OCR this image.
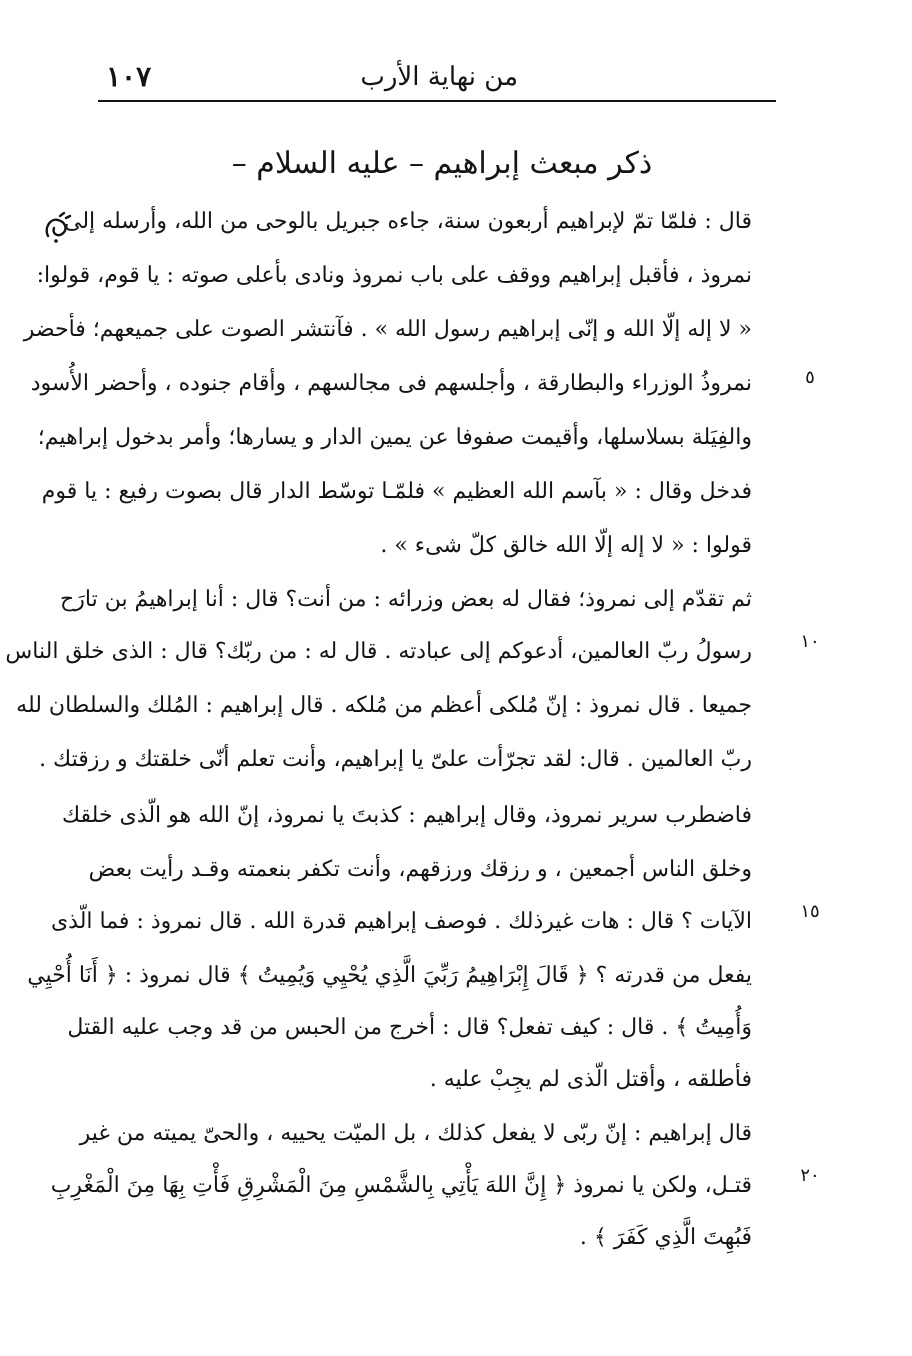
من نهاية الأرب
١٠٧
ذكر مبعث إبراهيم – عليه السلام –
قال : فلمّا تمّ لإبراهيم أربعون سنة، جاءه جبريل بالوحى من الله، وأرسله إلى
نمروذ ، فأقبل إبراهيم ووقف على باب نمروذ ونادى بأعلى صوته : يا قوم، قولوا:
« لا إله إلّا الله و إنّى إبراهيم رسول الله » . فآنتشر الصوت على جميعهم؛ فأحضر
نمروذُ الوزراء والبطارقة ، وأجلسهم فى مجالسهم ، وأقام جنوده ، وأحضر الأُسود
والفِيَلة بسلاسلها، وأقيمت صفوفا عن يمين الدار و يسارها؛ وأمر بدخول إبراهيم؛
فدخل وقال : « بآسم الله العظيم » فلمّـا توسّط الدار قال بصوت رفيع : يا قوم
قولوا : « لا إله إلّا الله خالق كلّ شىء » .
ثم تقدّم إلى نمروذ؛ فقال له بعض وزرائه : من أنت؟ قال : أنا إبراهيمُ بن تارَح
رسولُ ربّ العالمين، أدعوكم إلى عبادته . قال له : من ربّك؟ قال : الذى خلق الناس
جميعا . قال نمروذ : إنّ مُلكى أعظم من مُلكه . قال إبراهيم : المُلك والسلطان لله
ربّ العالمين . قال: لقد تجرّأت علىّ يا إبراهيم، وأنت تعلم أنّى خلقتك و رزقتك .
فاضطرب سرير نمروذ، وقال إبراهيم : كذبتَ يا نمروذ، إنّ الله هو الّذى خلقك
وخلق الناس أجمعين ، و رزقك ورزقهم، وأنت تكفر بنعمته وقـد رأيت بعض
الآيات ؟ قال : هات غيرذلك . فوصف إبراهيم قدرة الله . قال نمروذ : فما الّذى
يفعل من قدرته ؟ ﴿ قَالَ إِبْرَاهِيمُ رَبِّيَ الَّذِي يُحْيِي وَيُمِيتُ ﴾ قال نمروذ : ﴿ أَنَا أُحْيِي
وَأُمِيتُ ﴾ . قال : كيف تفعل؟ قال : أخرج من الحبس من قد وجب عليه القتل
فأطلقه ، وأقتل الّذى لم يجِبْ عليه .
قال إبراهيم : إنّ ربّى لا يفعل كذلك ، بل الميّت يحييه ، والحىّ يميته من غير
قتـل، ولكن يا نمروذ ﴿ إِنَّ اللهَ يَأْتِي بِالشَّمْسِ مِنَ الْمَشْرِقِ فَأْتِ بِهَا مِنَ الْمَغْرِبِ
فَبُهِتَ الَّذِي كَفَرَ ﴾ .
٥
١٠
١٥
٢٠
